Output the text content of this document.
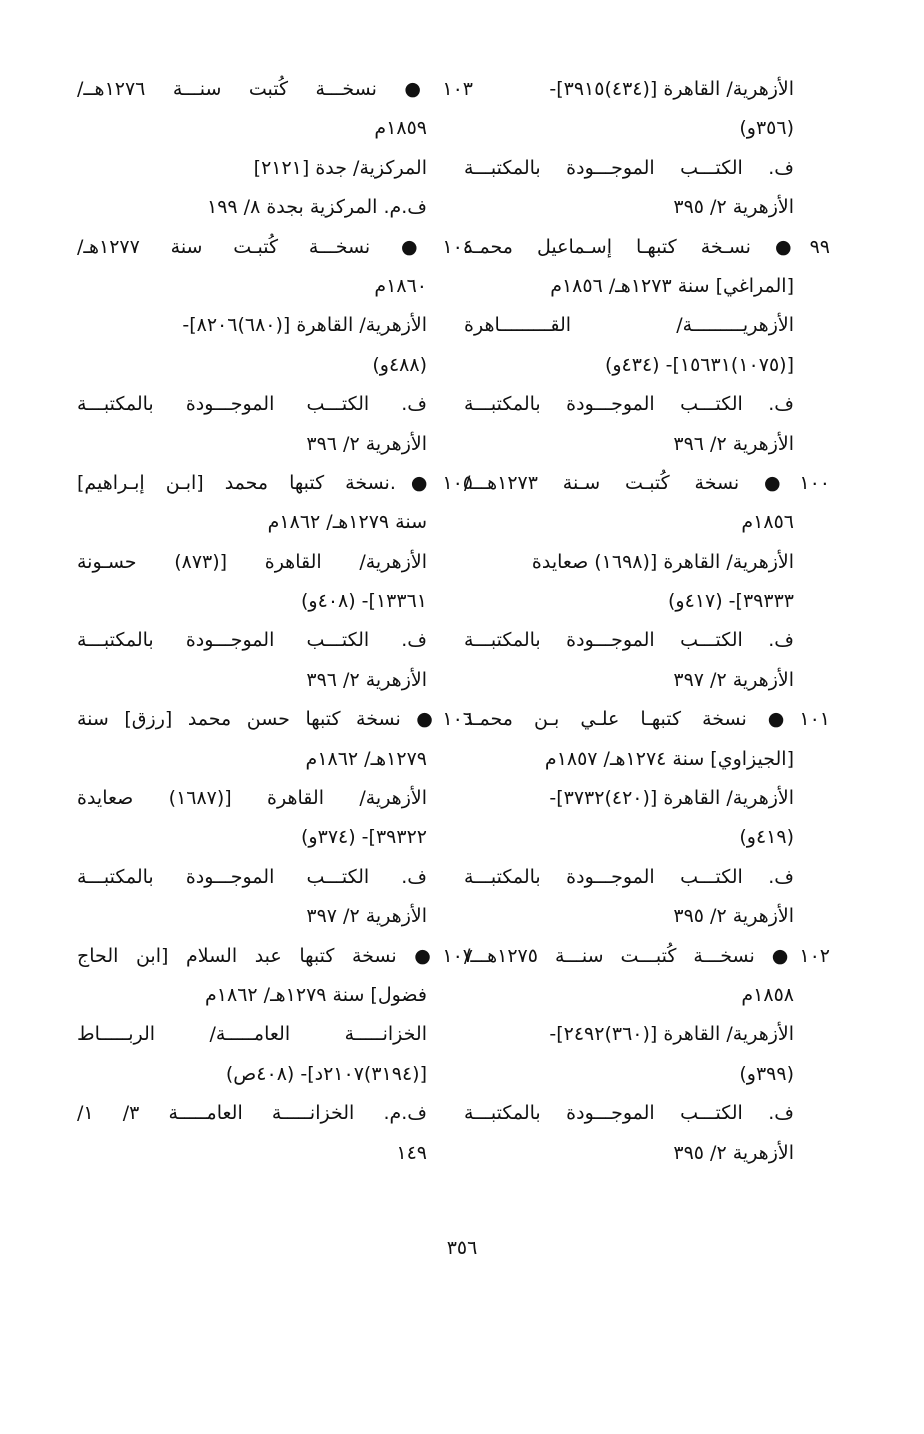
الأزهرية/ القاهرة [(٤٣٤)٣٩١٥]-
(٣٥٦و)
ف. الكتـــب الموجـــودة بالمكتبـــة
الأزهرية ٢/ ٣٩٥
٩٩● نسـخة كتبهـا إسـماعيل محمـد
[المراغي] سنة ١٢٧٣هـ/ ١٨٥٦م
الأزهريـــــــــة/ القـــــــــاهرة
[(١٠٧٥)١٥٦٣١]- (٤٣٤و)
ف. الكتـــب الموجـــودة بالمكتبـــة
الأزهرية ٢/ ٣٩٦
١٠٠● نسخة كُتبـت سـنة ١٢٧٣هـــ/
١٨٥٦م
الأزهرية/ القاهرة [(١٦٩٨) صعايدة
٣٩٣٣٣]- (٤١٧و)
ف. الكتـــب الموجـــودة بالمكتبـــة
الأزهرية ٢/ ٣٩٧
١٠١● نسخة كتبهـا علـي بـن محمـد
[الجيزاوي] سنة ١٢٧٤هـ/ ١٨٥٧م
الأزهرية/ القاهرة [(٤٢٠)٣٧٣٢]-
(٤١٩و)
ف. الكتـــب الموجـــودة بالمكتبـــة
الأزهرية ٢/ ٣٩٥
١٠٢● نسخـــة كُتبـــت سنـــة ١٢٧٥هـــ/
١٨٥٨م
الأزهرية/ القاهرة [(٣٦٠)٢٤٩٢]-
(٣٩٩و)
ف. الكتـــب الموجـــودة بالمكتبـــة
الأزهرية ٢/ ٣٩٥
١٠٣● نسخـــة كُتبت سنـــة ١٢٧٦هــ/
١٨٥٩م
المركزية/ جدة [٢١٢١]
ف.م. المركزية بجدة ٨/ ١٩٩
١٠٤● نسخـــة كُتبـت سنة ١٢٧٧هـ/
١٨٦٠م
الأزهرية/ القاهرة [(٦٨٠)٨٢٠٦]-
(٤٨٨و)
ف. الكتـــب الموجـــودة بالمكتبـــة
الأزهرية ٢/ ٣٩٦
١٠٥●.نسخة كتبها محمد [ابـن إبـراهيم]
سنة ١٢٧٩هـ/ ١٨٦٢م
الأزهرية/ القاهرة [(٨٧٣) حسـونة
١٣٣٦١]- (٤٠٨و)
ف. الكتـــب الموجـــودة بالمكتبـــة
الأزهرية ٢/ ٣٩٦
١٠٦● نسخة كتبها حسن محمد [رزق] سنة
١٢٧٩هـ/ ١٨٦٢م
الأزهرية/ القاهرة [(١٦٨٧) صعايدة
٣٩٣٢٢]- (٣٧٤و)
ف. الكتـــب الموجـــودة بالمكتبـــة
الأزهرية ٢/ ٣٩٧
١٠٧● نسخة كتبها عبد السلام [ابن الحاج
فضول] سنة ١٢٧٩هـ/ ١٨٦٢م
الخزانـــــة العامـــــة/ الربـــــاط
[(٣١٩٤)٢١٠٧د]- (٤٠٨ص)
ف.م. الخزانـــــة العامـــــة ٣/ ١/
١٤٩
٣٥٦
